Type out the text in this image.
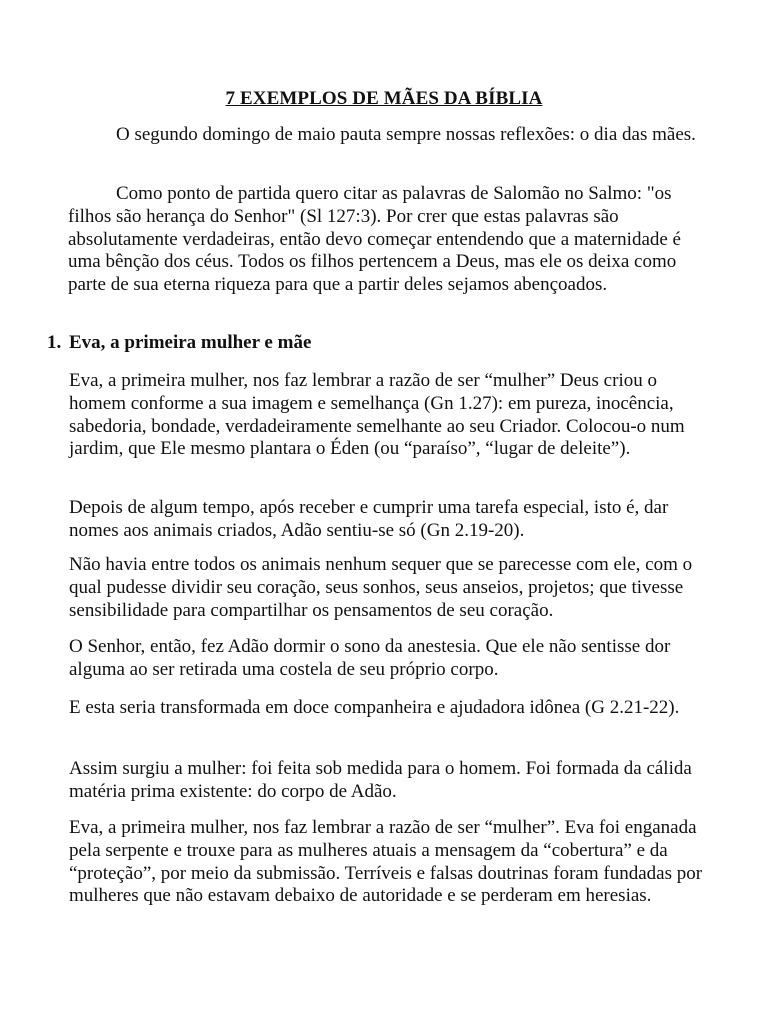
7 EXEMPLOS DE MÃES DA BÍBLIA

O segundo domingo de maio pauta sempre nossas reflexões: o dia das mães.

Como ponto de partida quero citar as palavras de Salomão no Salmo: "os filhos são herança do Senhor" (Sl 127:3). Por crer que estas palavras são absolutamente verdadeiras, então devo começar entendendo que a maternidade é uma bênção dos céus. Todos os filhos pertencem a Deus, mas ele os deixa como parte de sua eterna riqueza para que a partir deles sejamos abençoados.

1. Eva, a primeira mulher e mãe

Eva, a primeira mulher, nos faz lembrar a razão de ser “mulher” Deus criou o homem conforme a sua imagem e semelhança (Gn 1.27): em pureza, inocência, sabedoria, bondade, verdadeiramente semelhante ao seu Criador. Colocou-o num jardim, que Ele mesmo plantara o Éden (ou “paraíso”, “lugar de deleite”).

Depois de algum tempo, após receber e cumprir uma tarefa especial, isto é, dar nomes aos animais criados, Adão sentiu-se só (Gn 2.19-20).

Não havia entre todos os animais nenhum sequer que se parecesse com ele, com o qual pudesse dividir seu coração, seus sonhos, seus anseios, projetos; que tivesse sensibilidade para compartilhar os pensamentos de seu coração.

O Senhor, então, fez Adão dormir o sono da anestesia. Que ele não sentisse dor alguma ao ser retirada uma costela de seu próprio corpo.

E esta seria transformada em doce companheira e ajudadora idônea (G 2.21-22).

Assim surgiu a mulher: foi feita sob medida para o homem. Foi formada da cálida matéria prima existente: do corpo de Adão.

Eva, a primeira mulher, nos faz lembrar a razão de ser “mulher”. Eva foi enganada pela serpente e trouxe para as mulheres atuais a mensagem da “cobertura” e da “proteção”, por meio da submissão. Terríveis e falsas doutrinas foram fundadas por mulheres que não estavam debaixo de autoridade e se perderam em heresias.
